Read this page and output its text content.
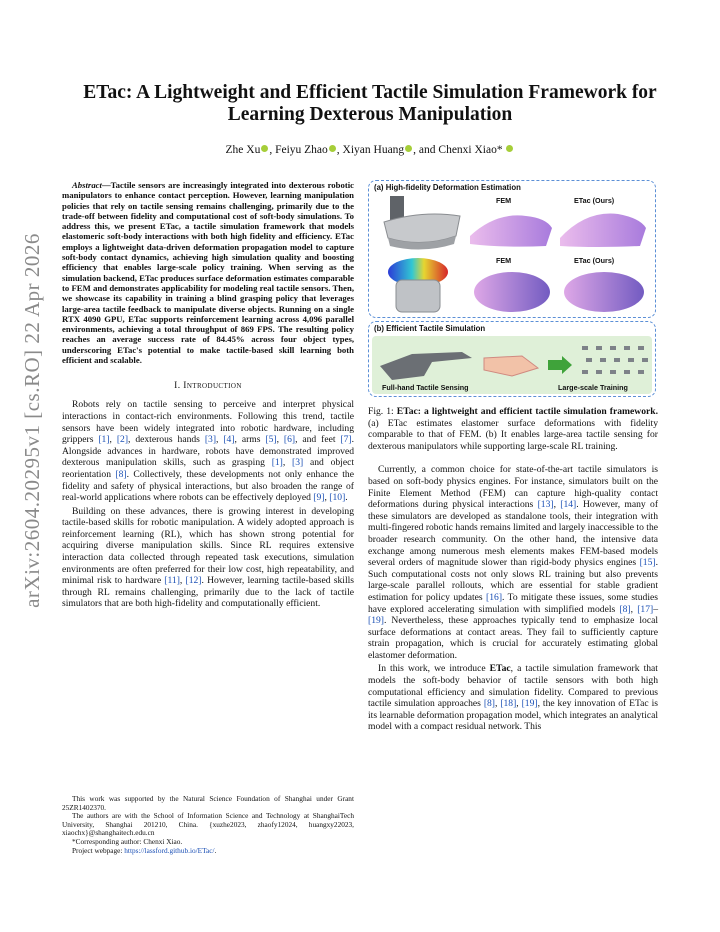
arXiv:2604.20295v1 [cs.RO] 22 Apr 2026
ETac: A Lightweight and Efficient Tactile Simulation Framework for Learning Dexterous Manipulation
Zhe Xu , Feiyu Zhao , Xiyan Huang , and Chenxi Xiao*

Abstract—Tactile sensors are increasingly integrated into dexterous robotic manipulators to enhance contact perception. However, learning manipulation policies that rely on tactile sensing remains challenging, primarily due to the trade-off between fidelity and computational cost of soft-body simulations. To address this, we present ETac, a tactile simulation framework that models elastomeric soft-body interactions with both high fidelity and efficiency. ETac employs a lightweight data-driven deformation propagation model to capture soft-body contact dynamics, achieving high simulation quality and boosting efficiency that enables large-scale policy training. When serving as the simulation backend, ETac produces surface deformation estimates comparable to FEM and demonstrates applicability for modeling real tactile sensors. Then, we showcase its capability in training a blind grasping policy that leverages large-area tactile feedback to manipulate diverse objects. Running on a single RTX 4090 GPU, ETac supports reinforcement learning across 4,096 parallel environments, achieving a total throughput of 869 FPS. The resulting policy reaches an average success rate of 84.45% across four object types, underscoring ETac's potential to make tactile-based skill learning both efficient and scalable.

I. Introduction

Robots rely on tactile sensing to perceive and interpret physical interactions in contact-rich environments. Following this trend, tactile sensors have been widely integrated into robotic hardware, including grippers [1], [2], dexterous hands [3], [4], arms [5], [6], and feet [7]. Alongside advances in hardware, robots have demonstrated improved dexterous manipulation skills, such as grasping [1], [3] and object reorientation [8]. Collectively, these developments not only enhance the fidelity and safety of physical interactions, but also broaden the range of real-world applications where robots can be effectively deployed [9], [10].

Building on these advances, there is growing interest in developing tactile-based skills for robotic manipulation. A widely adopted approach is reinforcement learning (RL), which has shown strong potential for acquiring diverse manipulation skills. Since RL requires extensive interaction data collected through repeated task executions, simulation environments are often preferred for their low cost, high repeatability, and minimal risk to hardware [11], [12]. However, learning tactile-based skills through RL remains challenging, primarily due to the lack of tactile simulators that are both high-fidelity and computationally efficient.

This work was supported by the Natural Science Foundation of Shanghai under Grant 25ZR1402370.

The authors are with the School of Information Science and Technology at ShanghaiTech University, Shanghai 201210, China. {xuzhe2023, zhaofy12024, huangxy22023, xiaochx}@shanghaitech.edu.cn

*Corresponding author: Chenxi Xiao.

Project webpage: https://lassford.github.io/ETac/.

(a) High-fidelity Deformation Estimation
FEM	ETac (Ours)
FEM	ETac (Ours)
(b) Efficient Tactile Simulation
Full-hand Tactile Sensing	Large-scale Training

Fig. 1: ETac: a lightweight and efficient tactile simulation framework. (a) ETac estimates elastomer surface deformations with fidelity comparable to that of FEM. (b) It enables large-area tactile sensing for dexterous manipulators while supporting large-scale RL training.

Currently, a common choice for state-of-the-art tactile simulators is based on soft-body physics engines. For instance, simulators built on the Finite Element Method (FEM) can capture high-quality contact deformations during physical interactions [13], [14]. However, many of these simulators are developed as standalone tools, their integration with multi-fingered robotic hands remains limited and largely inaccessible to the broader research community. On the other hand, the intensive data exchange among numerous mesh elements makes FEM-based models several orders of magnitude slower than rigid-body physics engines [15]. Such computational costs not only slows RL training but also prevents large-scale parallel rollouts, which are essential for stable gradient estimation for policy updates [16]. To mitigate these issues, some studies have explored accelerating simulation with simplified models [8], [17]–[19]. Nevertheless, these approaches typically tend to emphasize local surface deformations at contact areas. They fail to sufficiently capture strain propagation, which is crucial for accurately estimating global elastomer deformation.

In this work, we introduce ETac, a tactile simulation framework that models the soft-body behavior of tactile sensors with both high computational efficiency and simulation fidelity. Compared to previous tactile simulation approaches [8], [18], [19], the key innovation of ETac is its learnable deformation propagation model, which integrates an analytical model with a compact residual network. This
